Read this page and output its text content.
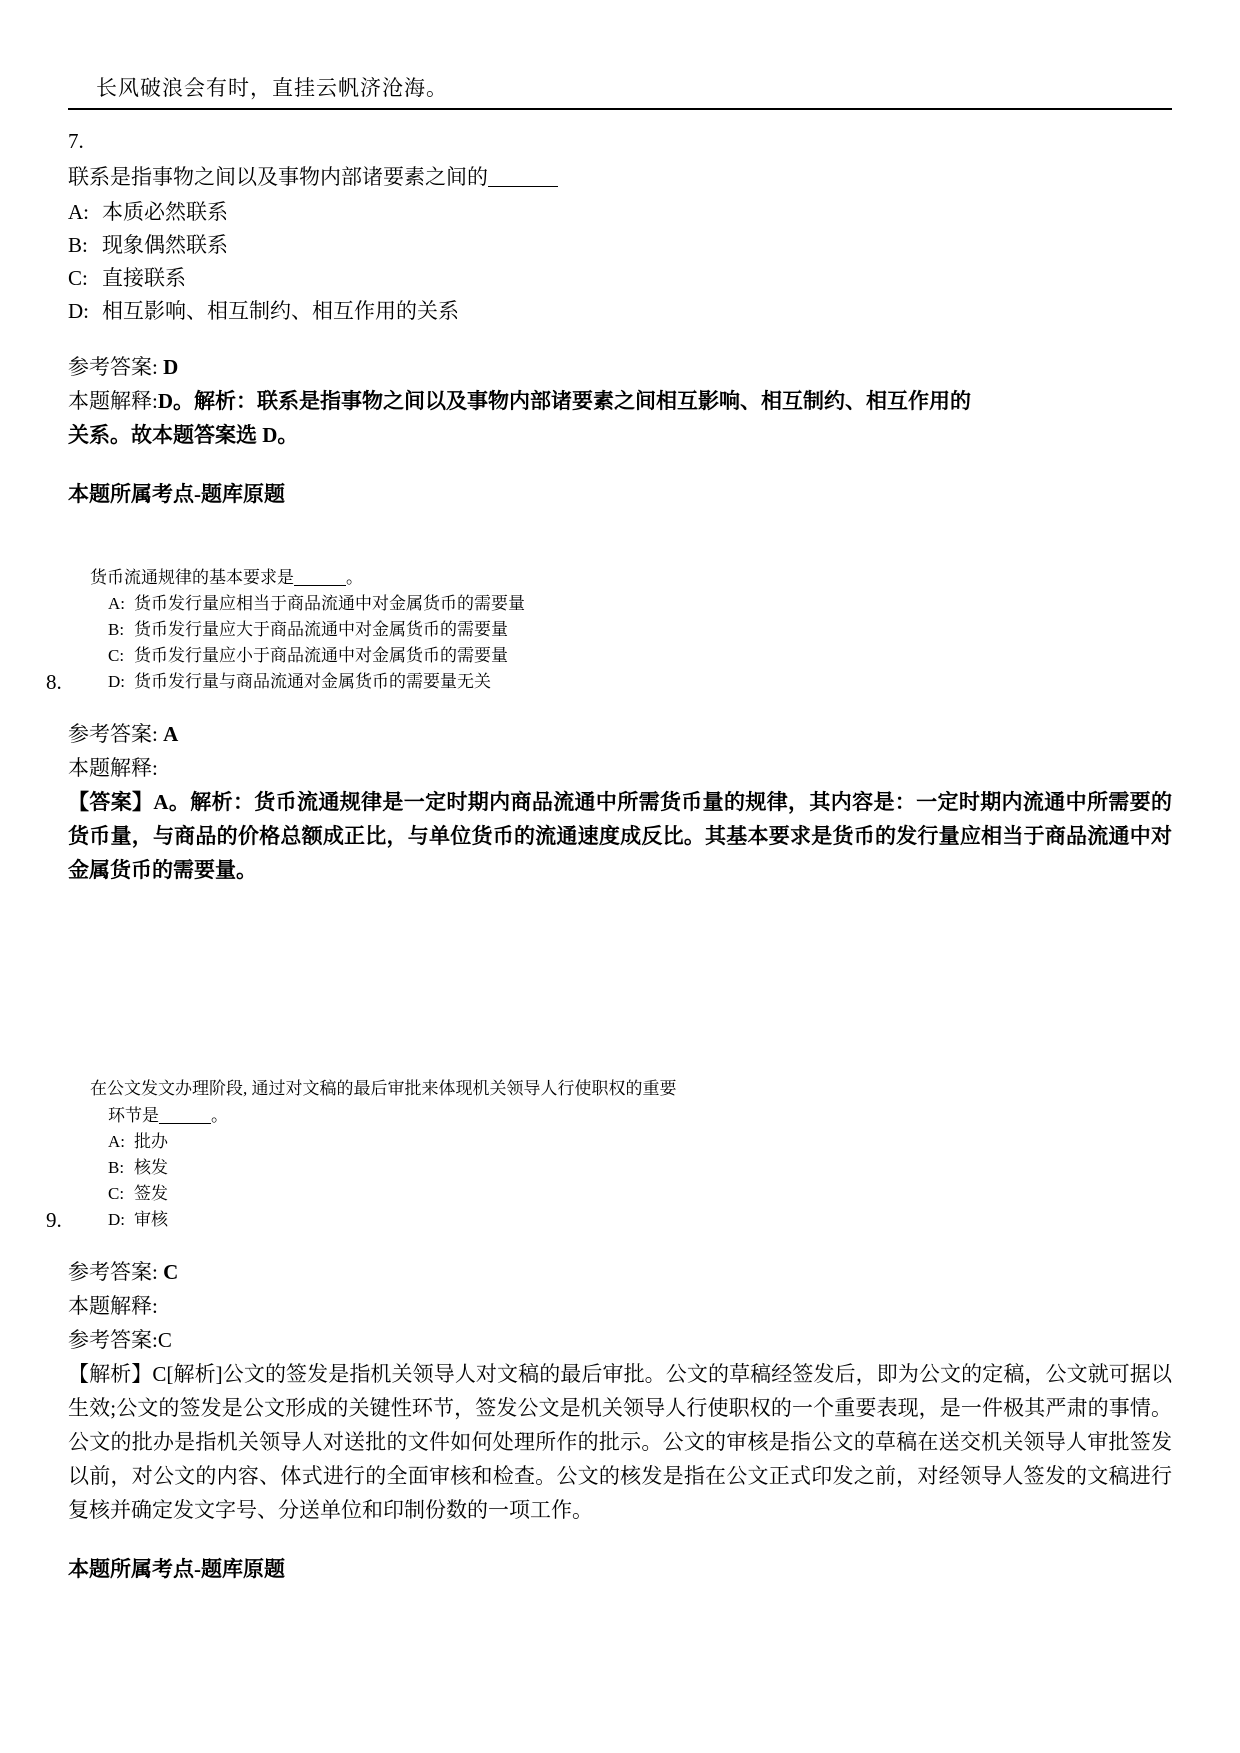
长风破浪会有时，直挂云帆济沧海。
7.
联系是指事物之间以及事物内部诸要素之间的

A: 本质必然联系

B: 现象偶然联系

C: 直接联系

D: 相互影响、相互制约、相互作用的关系

参考答案: D
本题解释:D。解析：联系是指事物之间以及事物内部诸要素之间相互影响、相互制约、相互作用的
关系。故本题答案选 D。
本题所属考点-题库原题

货币流通规律的基本要求是	。

A: 货币发行量应相当于商品流通中对金属货币的需要量

B: 货币发行量应大于商品流通中对金属货币的需要量

C: 货币发行量应小于商品流通中对金属货币的需要量

8.	D: 货币发行量与商品流通对金属货币的需要量无关

参考答案: A
本题解释:
【答案】A。解析：货币流通规律是一定时期内商品流通中所需货币量的规律，其内容是：一定时期内流通中所需要的货币量，与商品的价格总额成正比，与单位货币的流通速度成反比。其基本要求是货币的发行量应相当于商品流通中对金属货币的需要量。

在公文发文办理阶段, 通过对文稿的最后审批来体现机关领导人行使职权的重要

环节是	。

A: 批办

B: 核发

C: 签发

9.	D: 审核

参考答案: C
本题解释:
参考答案:C
【解析】C[解析]公文的签发是指机关领导人对文稿的最后审批。公文的草稿经签发后，即为公文的定稿，公文就可据以生效;公文的签发是公文形成的关键性环节，签发公文是机关领导人行使职权的一个重要表现，是一件极其严肃的事情。公文的批办是指机关领导人对送批的文件如何处理所作的批示。公文的审核是指公文的草稿在送交机关领导人审批签发以前，对公文的内容、体式进行的全面审核和检查。公文的核发是指在公文正式印发之前，对经领导人签发的文稿进行复核并确定发文字号、分送单位和印制份数的一项工作。
本题所属考点-题库原题
